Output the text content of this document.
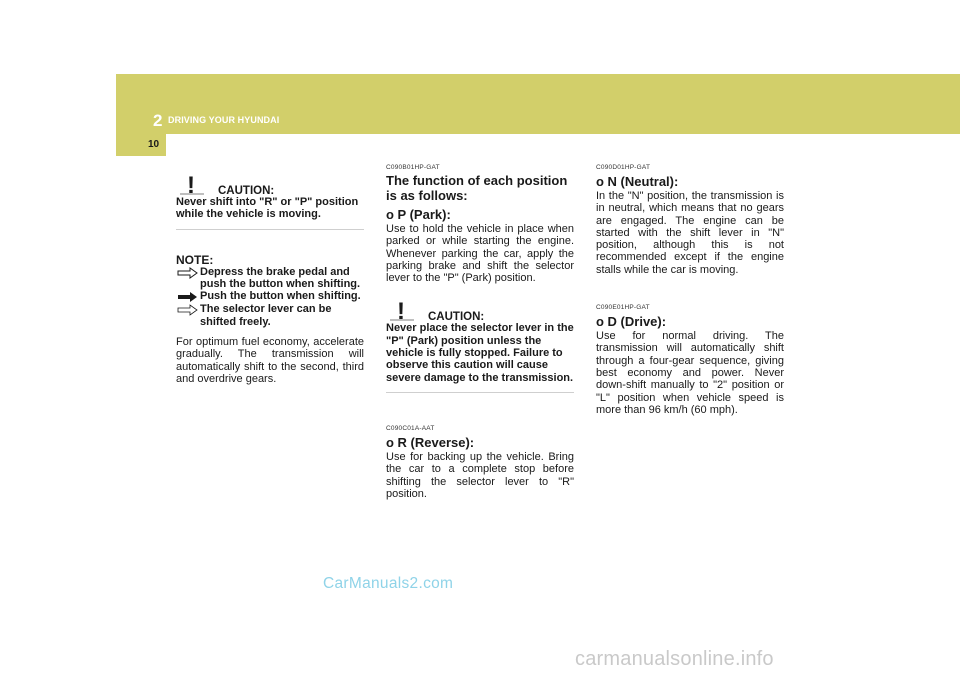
2 DRIVING YOUR HYUNDAI
10
! CAUTION:
Never shift into "R" or "P" position while the vehicle is moving.
NOTE:
Depress the brake pedal and push the button when shifting.
Push the button when shifting.
The selector lever can be shifted freely.
For optimum fuel economy, accelerate gradually. The transmission will automatically shift to the second, third and overdrive gears.
C090B01HP-GAT
The function of each position is as follows:
o P (Park):
Use to hold the vehicle in place when parked or while starting the engine. Whenever parking the car, apply the parking brake and shift the selector lever to the "P" (Park) position.
! CAUTION:
Never place the selector lever in the "P" (Park) position unless the vehicle is fully stopped. Failure to observe this caution will cause severe damage to the transmission.
C090C01A-AAT
o R (Reverse):
Use for backing up the vehicle. Bring the car to a complete stop before shifting the selector lever to "R" position.
C090D01HP-GAT
o N (Neutral):
In the "N" position, the transmission is in neutral, which means that no gears are engaged. The engine can be started with the shift lever in "N" position, although this is not recommended except if the engine stalls while the car is moving.
C090E01HP-GAT
o D (Drive):
Use for normal driving. The transmission will automatically shift through a four-gear sequence, giving best economy and power. Never down-shift manually to "2" position or "L" position when vehicle speed is more than 96 km/h (60 mph).
CarManuals2.com
carmanualsonline.info
